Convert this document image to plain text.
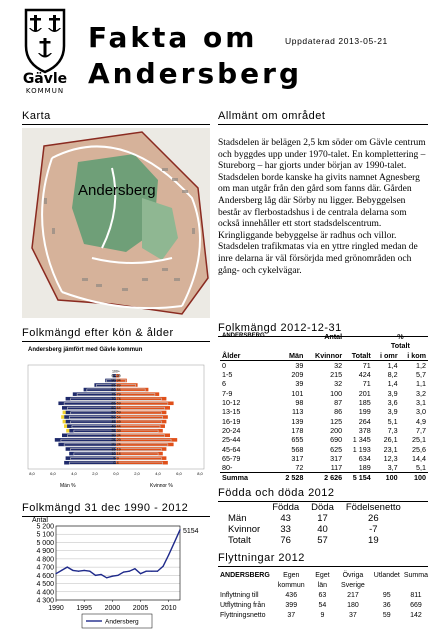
Gävle
KOMMUN
Fakta om
Andersberg
Uppdaterad 2013-05-21
Karta
Andersberg
Allmänt om området

Stadsdelen är belägen 2,5 km söder om Gävle centrum och byggdes upp under 1970-talet. En komplettering – Stureborg – har gjorts under början av 1990-talet.

Stadsdelen borde kanske ha givits namnet Agnesberg om man utgår från den gård som fanns där. Gården Andersberg låg där Sörby nu ligger. Bebyggelsen består av flerbostadshus i de centrala delarna som också innehåller ett stort stadsdelscentrum. Kringliggande bebyggelse är radhus och villor. Stadsdelen trafikmatas via en yttre ringled medan de inre delarna är väl försörjda med grönområden och gång- och cykelvägar.

Folkmängd efter kön & ålder
Andersberg jämfört med Gävle kommun
100+
95-99
90-94
85-89
80-84
75-79
70-74
65-69
60-64
55-59
50-54
45-49
40-44
35-39
30-34
25-29
20-24
15-19
10-14
5-9
0-4
8,0	6,0	4,0	2,0	0,0	2,0	4,0	6,0	8,0
Män %	Kvinnor %
Folkmängd 2012-12-31
ANDERSBERG		Antal		%	
				Totalt	
Ålder	Män	Kvinnor	Totalt	i omr	i kom
0	39	32	71	1,4	1,2
1-5	209	215	424	8,2	5,7
6	39	32	71	1,4	1,1
7-9	101	100	201	3,9	3,2
10-12	98	87	185	3,6	3,1
13-15	113	86	199	3,9	3,0
16-19	139	125	264	5,1	4,9
20-24	178	200	378	7,3	7,7
25-44	655	690	1 345	26,1	25,1
45-64	568	625	1 193	23,1	25,6
65-79	317	317	634	12,3	14,4
80-	72	117	189	3,7	5,1
Summa	2 528	2 626	5 154	100	100
Folkmängd 31 dec 1990 - 2012
Antal
5 200
5 100
5 000
4 900
4 800
4 700
4 600
4 500
4 400
4 300
1990 1995 2000 2005 2010
5154
Andersberg
Födda och döda 2012
	Födda	Döda	Födelsenetto
Män	43	17	26
Kvinnor	33	40	-7
Totalt	76	57	19
Flyttningar 2012
ANDERSBERG	Egen kommun	Eget län	Övriga Sverige	Utlandet	Summa
Inflyttning till	436	63	217	95	811
Utflyttning från	399	54	180	36	669
Flyttningsnetto	37	9	37	59	142
